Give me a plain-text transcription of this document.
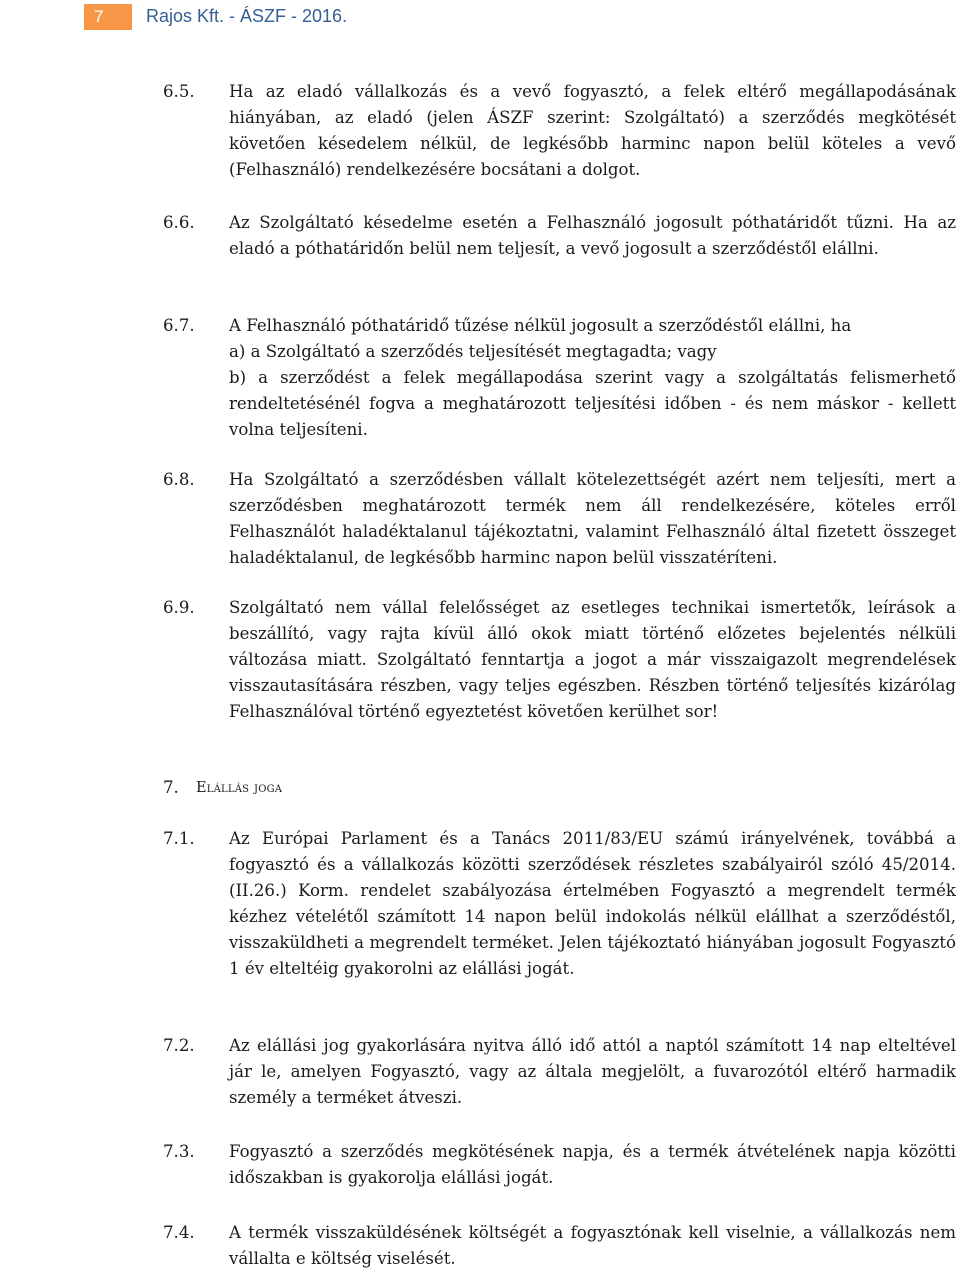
7 Rajos Kft. - ÁSZF - 2016.
6.5.	Ha az eladó vállalkozás és a vevő fogyasztó, a felek eltérő megállapodásának hiányában, az eladó (jelen ÁSZF szerint: Szolgáltató) a szerződés megkötését követően késedelem nélkül, de legkésőbb harminc napon belül köteles a vevő (Felhasználó) rendelkezésére bocsátani a dolgot.
6.6.	Az Szolgáltató késedelme esetén a Felhasználó jogosult póthatáridőt tűzni. Ha az eladó a póthatáridőn belül nem teljesít, a vevő jogosult a szerződéstől elállni.
6.7.	A Felhasználó póthatáridő tűzése nélkül jogosult a szerződéstől elállni, ha
a) a Szolgáltató a szerződés teljesítését megtagadta; vagy
b) a szerződést a felek megállapodása szerint vagy a szolgáltatás felismerhető rendeltetésénél fogva a meghatározott teljesítési időben - és nem máskor - kellett volna teljesíteni.
6.8.	Ha Szolgáltató a szerződésben vállalt kötelezettségét azért nem teljesíti, mert a szerződésben meghatározott termék nem áll rendelkezésére, köteles erről Felhasználót haladéktalanul tájékoztatni, valamint Felhasználó által fizetett összeget haladéktalanul, de legkésőbb harminc napon belül visszatéríteni.
6.9.	Szolgáltató nem vállal felelősséget az esetleges technikai ismertetők, leírások a beszállító, vagy rajta kívül álló okok miatt történő előzetes bejelentés nélküli változása miatt. Szolgáltató fenntartja a jogot a már visszaigazolt megrendelések visszautasítására részben, vagy teljes egészben. Részben történő teljesítés kizárólag Felhasználóval történő egyeztetést követően kerülhet sor!
7. Elállás joga
7.1.	Az Európai Parlament és a Tanács 2011/83/EU számú irányelvének, továbbá a fogyasztó és a vállalkozás közötti szerződések részletes szabályairól szóló 45/2014. (II.26.) Korm. rendelet szabályozása értelmében Fogyasztó a megrendelt termék kézhez vételétől számított 14 napon belül indokolás nélkül elállhat a szerződéstől, visszaküldheti a megrendelt terméket. Jelen tájékoztató hiányában jogosult Fogyasztó 1 év elteltéig gyakorolni az elállási jogát.
7.2.	Az elállási jog gyakorlására nyitva álló idő attól a naptól számított 14 nap elteltével jár le, amelyen Fogyasztó, vagy az általa megjelölt, a fuvarozótól eltérő harmadik személy a terméket átveszi.
7.3.	Fogyasztó a szerződés megkötésének napja, és a termék átvételének napja közötti időszakban is gyakorolja elállási jogát.
7.4.	A termék visszaküldésének költségét a fogyasztónak kell viselnie, a vállalkozás nem vállalta e költség viselését.
